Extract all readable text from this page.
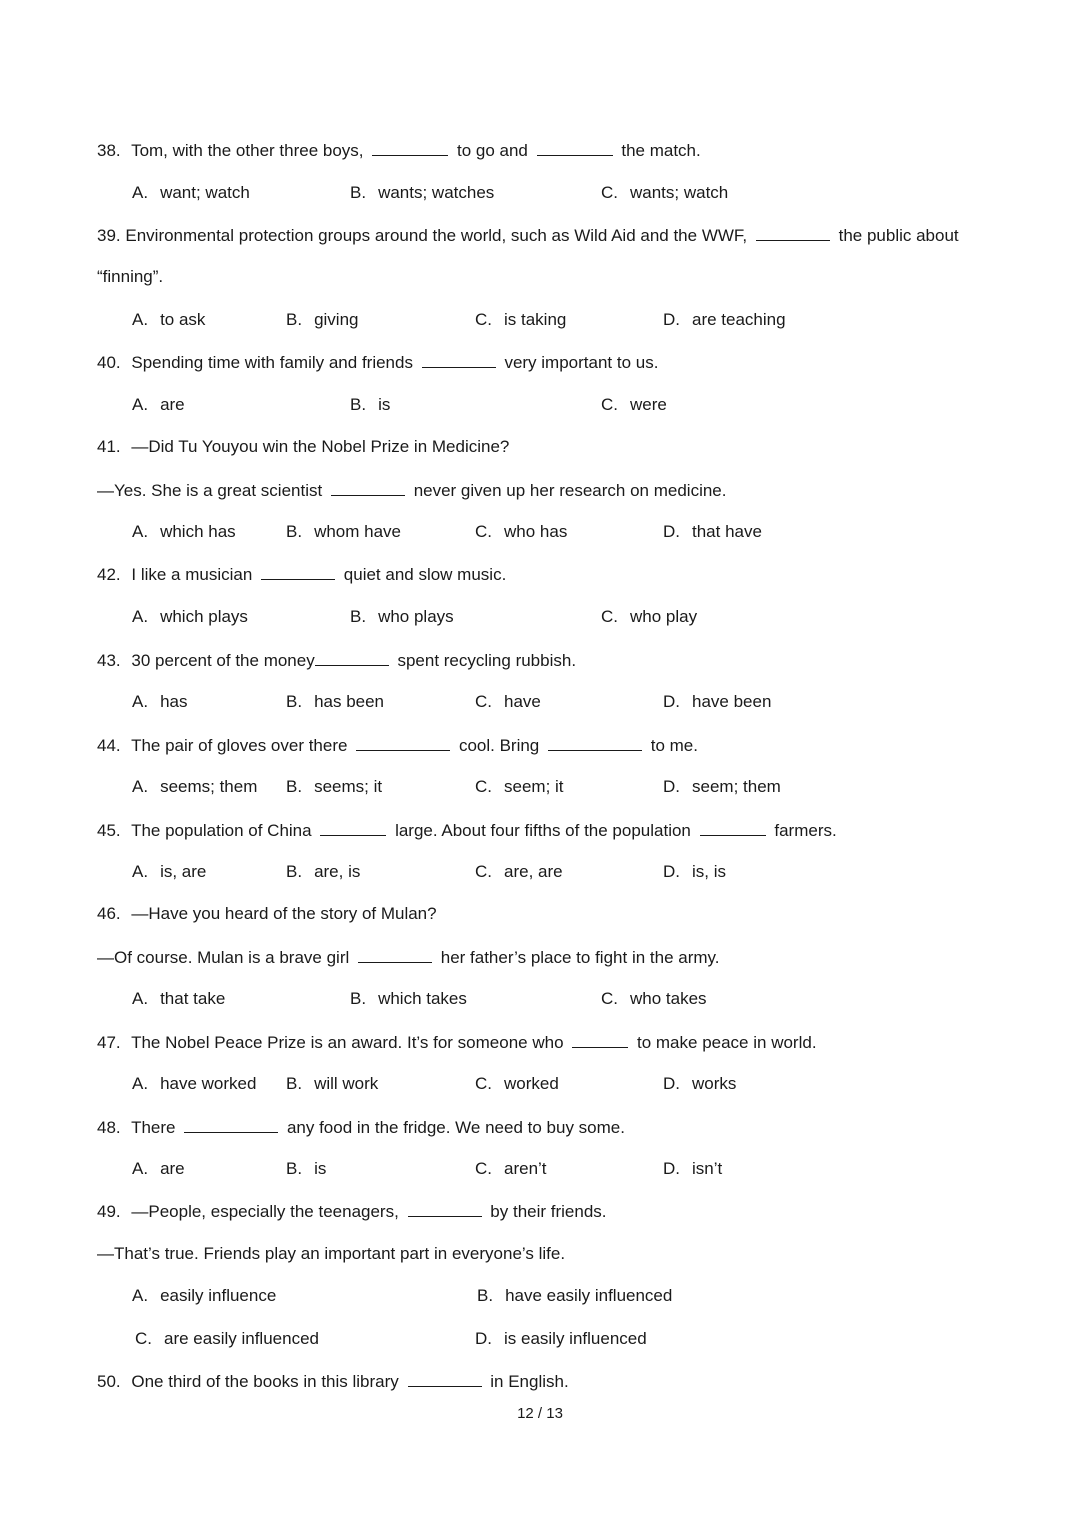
38. Tom, with the other three boys,	to go and	the match.
A. want; watch	B. wants; watches	C. wants; watch
39. Environmental protection groups around the world, such as Wild Aid and the WWF,	the public about
“finning”.
A. to ask	B. giving	C. is taking	D. are teaching
40. Spending time with family and friends	very important to us.
A. are	B. is	C. were
41. —Did Tu Youyou win the Nobel Prize in Medicine?
—Yes. She is a great scientist	never given up her research on medicine.
A. which has	B. whom have	C. who has	D. that have
42. I like a musician	quiet and slow music.
A. which plays	B. who plays	C. who play
43. 30 percent of the money	spent recycling rubbish.
A. has	B. has been	C. have	D. have been
44. The pair of gloves over there	cool. Bring	to me.
A. seems; them B. seems; it	C. seem; it	D. seem; them
45. The population of China	large. About four fifths of the population	farmers.
A. is, are	B. are, is	C. are, are	D. is, is
46. —Have you heard of the story of Mulan?
—Of course. Mulan is a brave girl	her father’s place to fight in the army.
A. that take	B. which takes	C. who takes
47. The Nobel Peace Prize is an award. It’s for someone who	to make peace in world.
A. have worked B. will work	C. worked	D. works
48. There	any food in the fridge. We need to buy some.
A. are	B. is	C. aren’t	D. isn’t
49. —People, especially the teenagers,	by their friends.
—That’s true. Friends play an important part in everyone’s life.
A. easily influence	B. have easily influenced
C. are easily influenced	D. is easily influenced
50. One third of the books in this library	in English.
12 / 13
